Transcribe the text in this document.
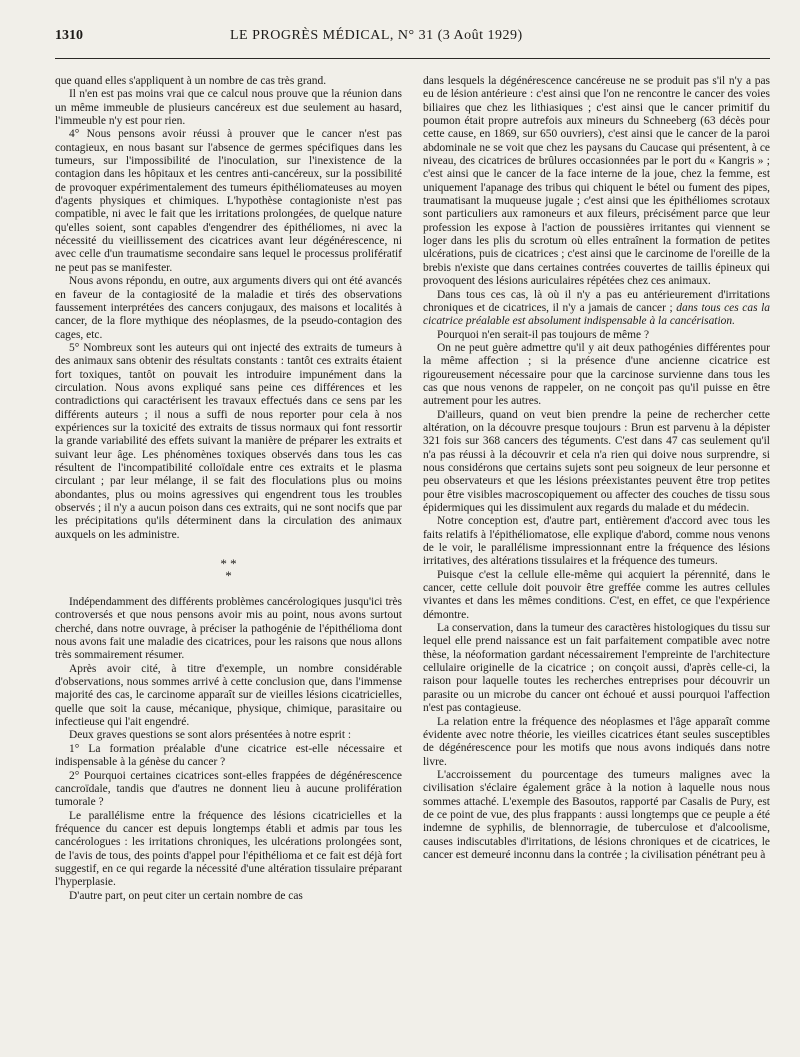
1310	LE PROGRÈS MÉDICAL, N° 31 (3 Août 1929)

que quand elles s'appliquent à un nombre de cas très grand.

Il n'en est pas moins vrai que ce calcul nous prouve que la réunion dans un même immeuble de plusieurs cancéreux est due seulement au hasard, l'immeuble n'y est pour rien.

4° Nous pensons avoir réussi à prouver que le cancer n'est pas contagieux, en nous basant sur l'absence de germes spécifiques dans les tumeurs, sur l'impossibilité de l'inoculation, sur l'inexistence de la contagion dans les hôpitaux et les centres anti-cancéreux, sur la possibilité de provoquer expérimentalement des tumeurs épithéliomateuses au moyen d'agents physiques et chimiques. L'hypothèse contagioniste n'est pas compatible, ni avec le fait que les irritations prolongées, de quelque nature qu'elles soient, sont capables d'engendrer des épithéliomes, ni avec la nécessité du vieillissement des cicatrices avant leur dégénérescence, ni avec celle d'un traumatisme secondaire sans lequel le processus prolifératif ne peut pas se manifester.

Nous avons répondu, en outre, aux arguments divers qui ont été avancés en faveur de la contagiosité de la maladie et tirés des observations faussement interprétées des cancers conjugaux, des maisons et localités à cancer, de la flore mythique des néoplasmes, de la pseudo-contagion des cages, etc.

5° Nombreux sont les auteurs qui ont injecté des extraits de tumeurs à des animaux sans obtenir des résultats constants : tantôt ces extraits étaient fort toxiques, tantôt on pouvait les introduire impunément dans la circulation. Nous avons expliqué sans peine ces différences et les contradictions qui caractérisent les travaux effectués dans ce sens par les différents auteurs ; il nous a suffi de nous reporter pour cela à nos expériences sur la toxicité des extraits de tissus normaux qui font ressortir la grande variabilité des effets suivant la manière de préparer les extraits et suivant leur âge. Les phénomènes toxiques observés dans tous les cas résultent de l'incompatibilité colloïdale entre ces extraits et le plasma circulant ; par leur mélange, il se fait des floculations plus ou moins abondantes, plus ou moins agressives qui engendrent tous les troubles observés ; il n'y a aucun poison dans ces extraits, qui ne sont nocifs que par les précipitations qu'ils déterminent dans la circulation des animaux auxquels on les administre.

* *
*

Indépendamment des différents problèmes cancérologiques jusqu'ici très controversés et que nous pensons avoir mis au point, nous avons surtout cherché, dans notre ouvrage, à préciser la pathogénie de l'épithélioma dont nous avons fait une maladie des cicatrices, pour les raisons que nous allons très sommairement résumer.

Après avoir cité, à titre d'exemple, un nombre considérable d'observations, nous sommes arrivé à cette conclusion que, dans l'immense majorité des cas, le carcinome apparaît sur de vieilles lésions cicatricielles, quelle que soit la cause, mécanique, physique, chimique, parasitaire ou infectieuse qui l'ait engendré.

Deux graves questions se sont alors présentées à notre esprit :

1° La formation préalable d'une cicatrice est-elle nécessaire et indispensable à la génèse du cancer ?

2° Pourquoi certaines cicatrices sont-elles frappées de dégénérescence cancroïdale, tandis que d'autres ne donnent lieu à aucune prolifération tumorale ?

Le parallélisme entre la fréquence des lésions cicatricielles et la fréquence du cancer est depuis longtemps établi et admis par tous les cancérologues : les irritations chroniques, les ulcérations prolongées sont, de l'avis de tous, des points d'appel pour l'épithélioma et ce fait est déjà fort suggestif, en ce qui regarde la nécessité d'une altération tissulaire préparant l'hyperplasie.

D'autre part, on peut citer un certain nombre de cas

dans lesquels la dégénérescence cancéreuse ne se produit pas s'il n'y a pas eu de lésion antérieure : c'est ainsi que l'on ne rencontre le cancer des voies biliaires que chez les lithiasiques ; c'est ainsi que le cancer primitif du poumon était propre autrefois aux mineurs du Schneeberg (63 décès pour cette cause, en 1869, sur 650 ouvriers), c'est ainsi que le cancer de la paroi abdominale ne se voit que chez les paysans du Caucase qui présentent, à ce niveau, des cicatrices de brûlures occasionnées par le port du « Kangris » ; c'est ainsi que le cancer de la face interne de la joue, chez la femme, est uniquement l'apanage des tribus qui chiquent le bétel ou fument des pipes, traumatisant la muqueuse jugale ; c'est ainsi que les épithéliomes scrotaux sont particuliers aux ramoneurs et aux fileurs, précisément parce que leur profession les expose à l'action de poussières irritantes qui viennent se loger dans les plis du scrotum où elles entraînent la formation de petites ulcérations, puis de cicatrices ; c'est ainsi que le carcinome de l'oreille de la brebis n'existe que dans certaines contrées couvertes de taillis épineux qui provoquent des lésions auriculaires répétées chez ces animaux.

Dans tous ces cas, là où il n'y a pas eu antérieurement d'irritations chroniques et de cicatrices, il n'y a jamais de cancer ; dans tous ces cas la cicatrice préalable est absolument indispensable à la cancérisation.

Pourquoi n'en serait-il pas toujours de même ?

On ne peut guère admettre qu'il y ait deux pathogénies différentes pour la même affection ; si la présence d'une ancienne cicatrice est rigoureusement nécessaire pour que la carcinose survienne dans tous les cas que nous venons de rappeler, on ne conçoit pas qu'il puisse en être autrement pour les autres.

D'ailleurs, quand on veut bien prendre la peine de rechercher cette altération, on la découvre presque toujours : Brun est parvenu à la dépister 321 fois sur 368 cancers des téguments. C'est dans 47 cas seulement qu'il n'a pas réussi à la découvrir et cela n'a rien qui doive nous surprendre, si nous considérons que certains sujets sont peu soigneux de leur personne et peu observateurs et que les lésions préexistantes peuvent être trop petites pour être visibles macroscopiquement ou affecter des couches de tissu sous épidermiques qui les dissimulent aux regards du malade et du médecin.

Notre conception est, d'autre part, entièrement d'accord avec tous les faits relatifs à l'épithéliomatose, elle explique d'abord, comme nous venons de le voir, le parallélisme impressionnant entre la fréquence des lésions irritatives, des altérations tissulaires et la fréquence des tumeurs.

Puisque c'est la cellule elle-même qui acquiert la pérennité, dans le cancer, cette cellule doit pouvoir être greffée comme les autres cellules vivantes et dans les mêmes conditions. C'est, en effet, ce que l'expérience démontre.

La conservation, dans la tumeur des caractères histologiques du tissu sur lequel elle prend naissance est un fait parfaitement compatible avec notre thèse, la néoformation gardant nécessairement l'empreinte de l'architecture cellulaire originelle de la cicatrice ; on conçoit aussi, d'après celle-ci, la raison pour laquelle toutes les recherches entreprises pour découvrir un parasite ou un microbe du cancer ont échoué et aussi pourquoi l'affection n'est pas contagieuse.

La relation entre la fréquence des néoplasmes et l'âge apparaît comme évidente avec notre théorie, les vieilles cicatrices étant seules susceptibles de dégénérescence pour les motifs que nous avons indiqués dans notre livre.

L'accroissement du pourcentage des tumeurs malignes avec la civilisation s'éclaire également grâce à la notion à laquelle nous nous sommes attaché. L'exemple des Basoutos, rapporté par Casalis de Pury, est de ce point de vue, des plus frappants : aussi longtemps que ce peuple a été indemne de syphilis, de blennorragie, de tuberculose et d'alcoolisme, causes indiscutables d'irritations, de lésions chroniques et de cicatrices, le cancer est demeuré inconnu dans la contrée ; la civilisation pénétrant peu à
